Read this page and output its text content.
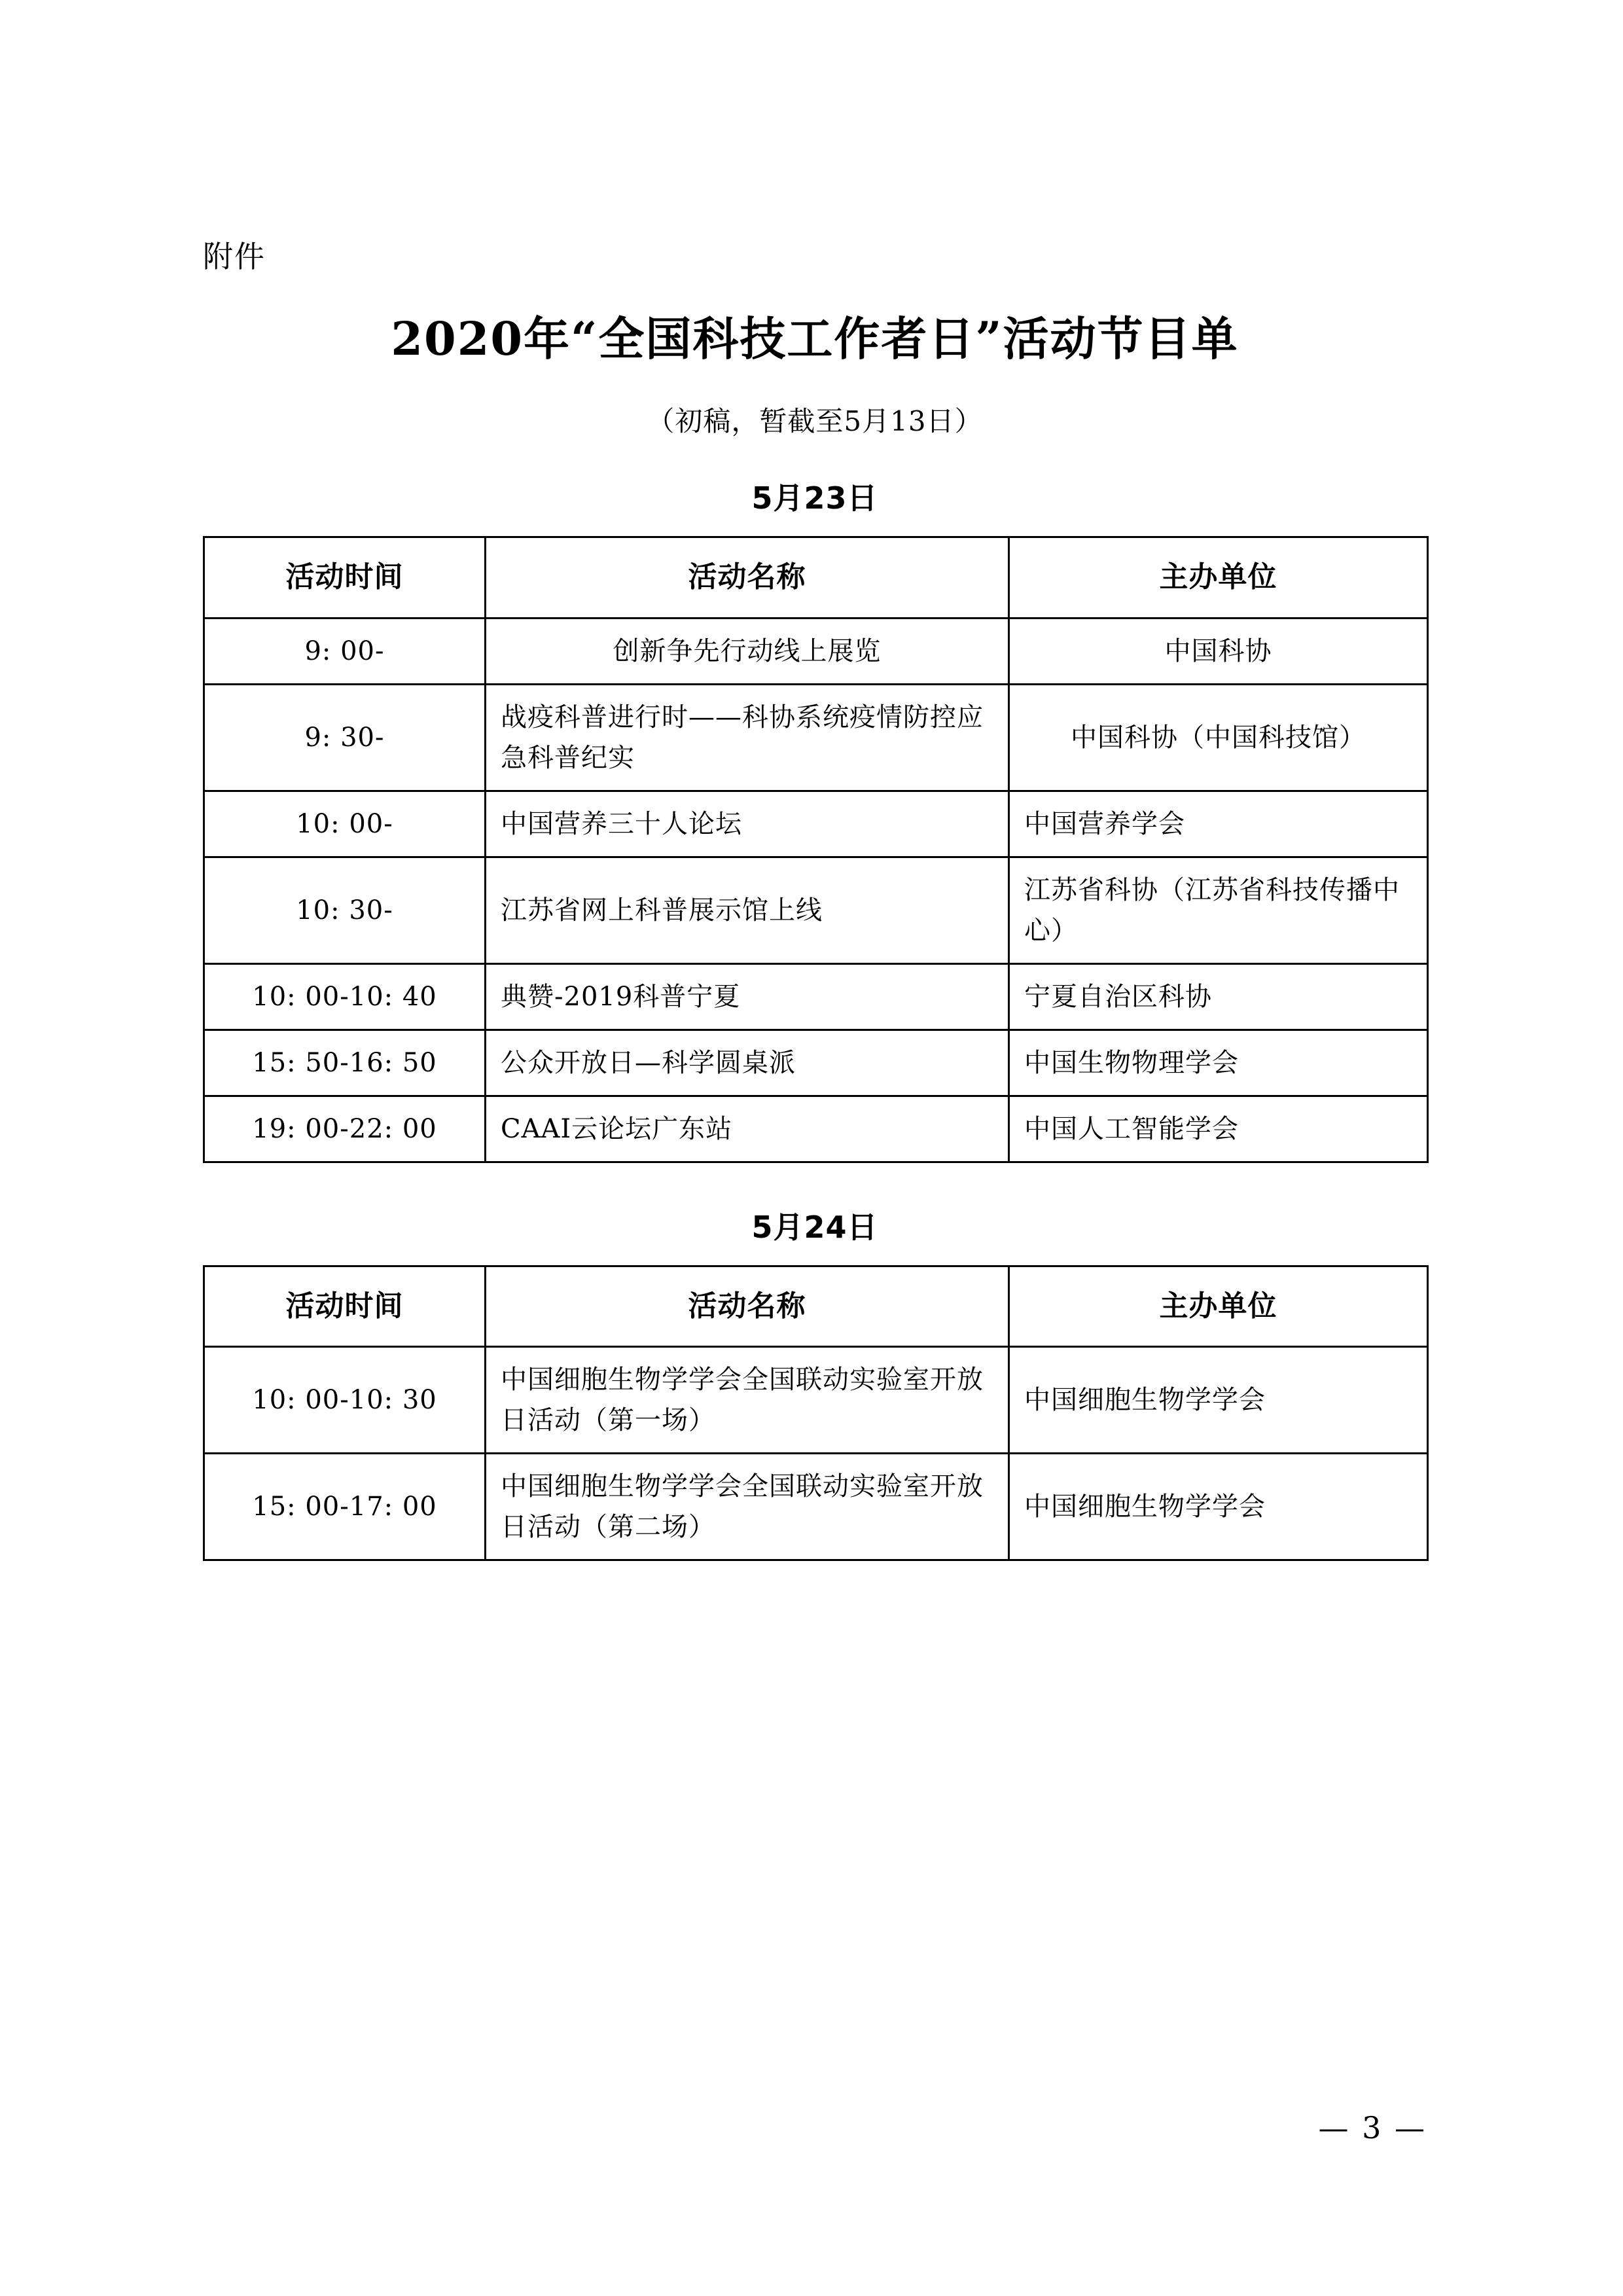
附件
2020年“全国科技工作者日”活动节目单
（初稿，暂截至5月13日）
5月23日
活动时间	活动名称	主办单位
9: 00-	创新争先行动线上展览	中国科协
9: 30-	战疫科普进行时——科协系统疫情防控应急科普纪实	中国科协（中国科技馆）
10: 00-	中国营养三十人论坛	中国营养学会
10: 30-	江苏省网上科普展示馆上线	江苏省科协（江苏省科技传播中心）
10: 00-10: 40	典赞-2019科普宁夏	宁夏自治区科协
15: 50-16: 50	公众开放日—科学圆桌派	中国生物物理学会
19: 00-22: 00	CAAI云论坛广东站	中国人工智能学会
5月24日
活动时间	活动名称	主办单位
10: 00-10: 30	中国细胞生物学学会全国联动实验室开放日活动（第一场）	中国细胞生物学学会
15: 00-17: 00	中国细胞生物学学会全国联动实验室开放日活动（第二场）	中国细胞生物学学会
— 3 —
